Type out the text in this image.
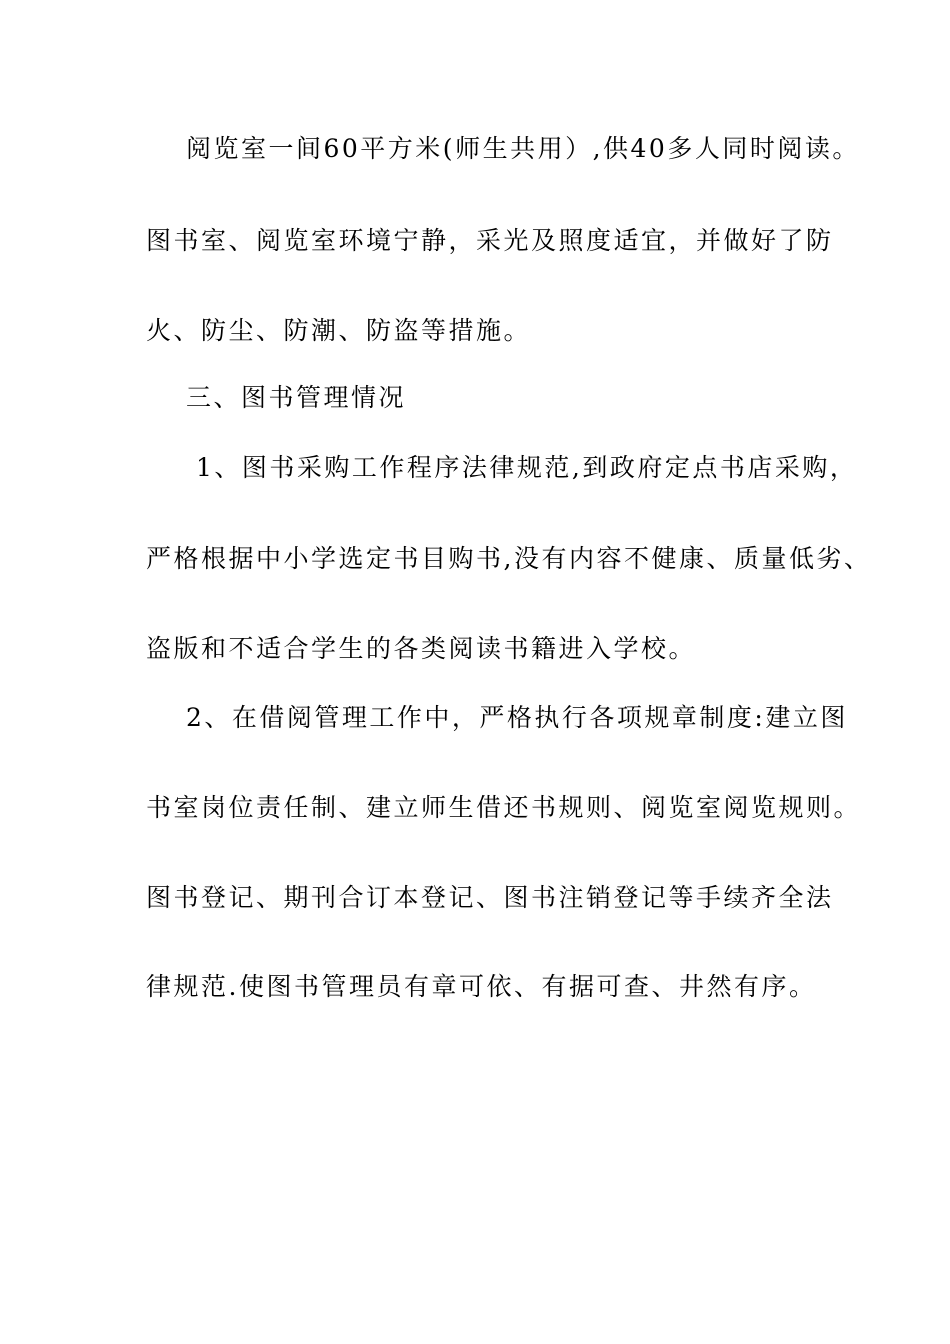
阅览室一间60平方米(师生共用）,供40多人同时阅读。
图书室、阅览室环境宁静，采光及照度适宜，并做好了防
火、防尘、防潮、防盗等措施。
三、图书管理情况
1、图书采购工作程序法律规范,到政府定点书店采购，
严格根据中小学选定书目购书,没有内容不健康、质量低劣、
盗版和不适合学生的各类阅读书籍进入学校。
2、在借阅管理工作中，严格执行各项规章制度:建立图
书室岗位责任制、建立师生借还书规则、阅览室阅览规则。
图书登记、期刊合订本登记、图书注销登记等手续齐全法
律规范.使图书管理员有章可依、有据可查、井然有序。
